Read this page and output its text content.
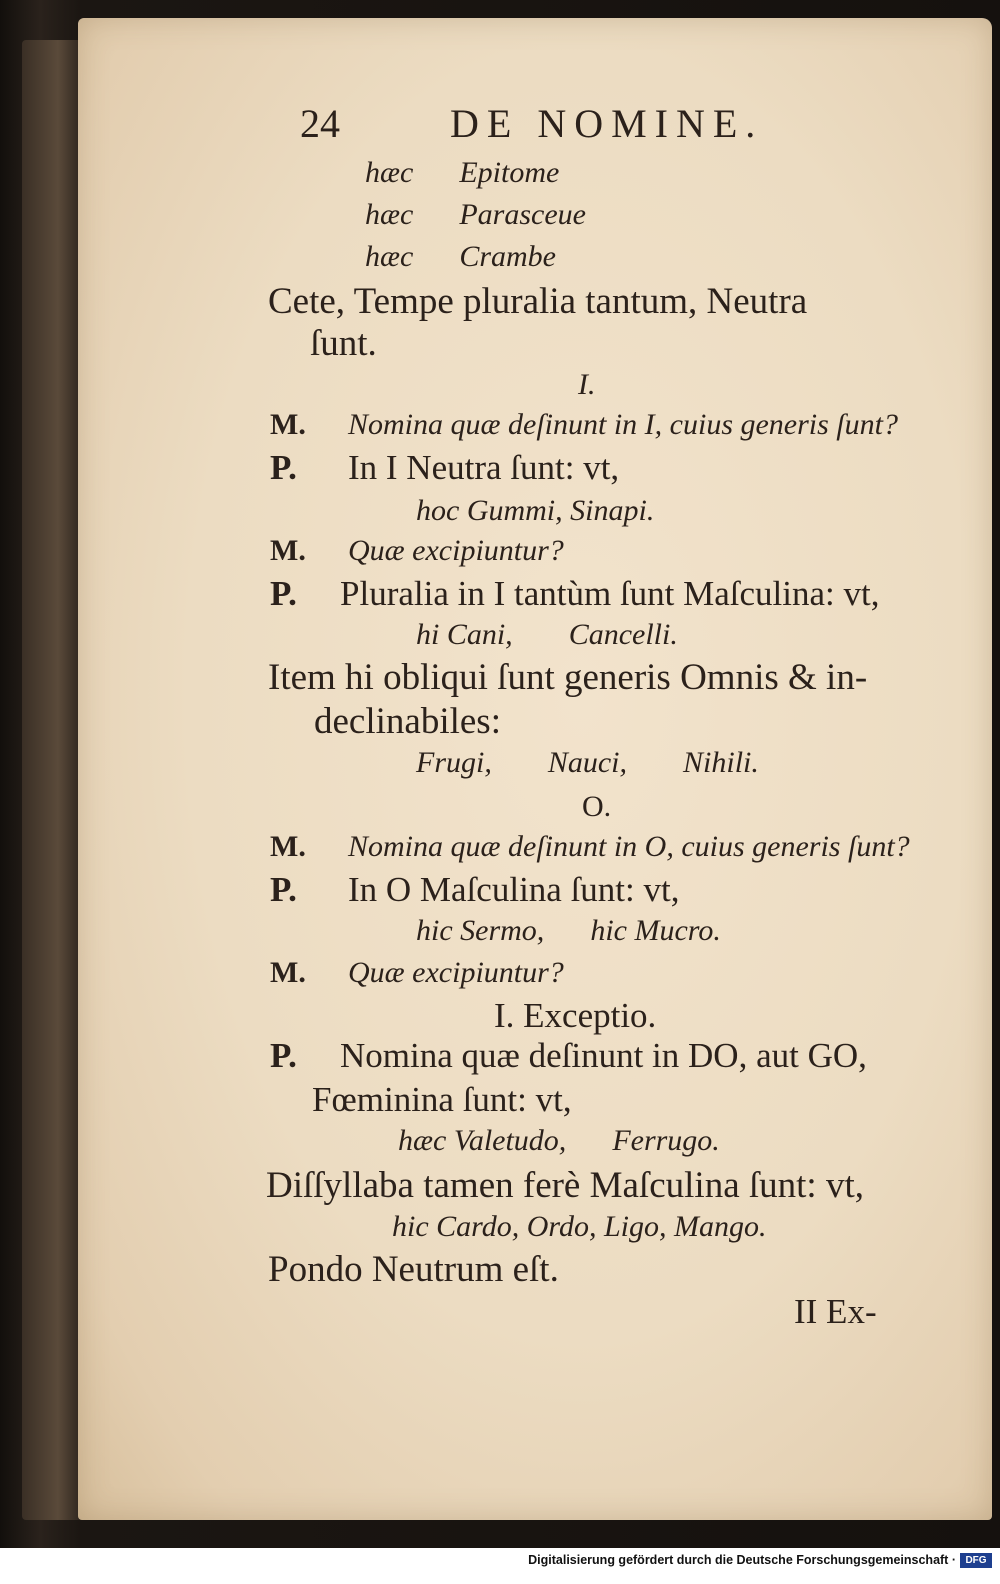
24	DE NOMINE.
hæc Epitome
hæc Parasceue
hæc Crambe
Cete, Tempe pluralia tantum, Neutra
ſunt.
I.
M. Nomina quæ deſinunt in I, cuius generis ſunt?
P. In I Neutra ſunt: vt,
hoc Gummi, Sinapi.
M. Quæ excipiuntur?
P. Pluralia in I tantùm ſunt Maſculina: vt,
hi Cani, Cancelli.
Item hi obliqui ſunt generis Omnis & in-
declinabiles:
Frugi, Nauci, Nihili.
O.
M. Nomina quæ deſinunt in O, cuius generis ſunt?
P. In O Maſculina ſunt: vt,
hic Sermo, hic Mucro.
M. Quæ excipiuntur?
I. Exceptio.
P. Nomina quæ deſinunt in DO, aut GO,
Fœminina ſunt: vt,
hæc Valetudo, Ferrugo.
Diſſyllaba tamen ferè Maſculina ſunt: vt,
hic Cardo, Ordo, Ligo, Mango.
Pondo Neutrum eſt.
II Ex-
Digitalisierung gefördert durch die Deutsche Forschungsgemeinschaft · DFG
